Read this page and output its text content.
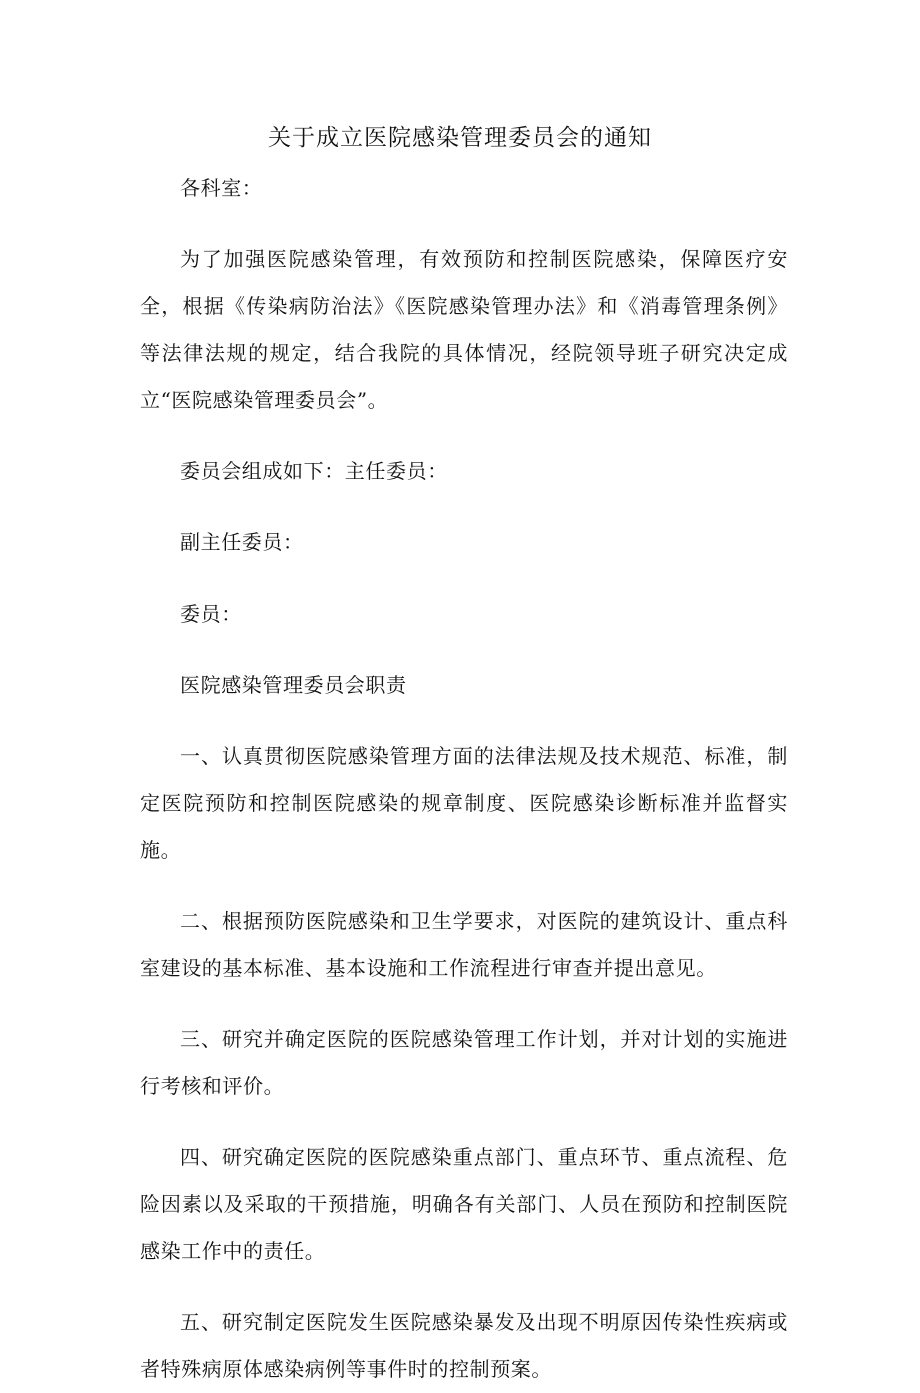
关于成立医院感染管理委员会的通知

各科室：

为了加强医院感染管理，有效预防和控制医院感染，保障医疗安全，根据《传染病防治法》《医院感染管理办法》和《消毒管理条例》等法律法规的规定，结合我院的具体情况，经院领导班子研究决定成立“医院感染管理委员会”。

委员会组成如下：主任委员：

副主任委员：

委员：

医院感染管理委员会职责

一、认真贯彻医院感染管理方面的法律法规及技术规范、标准，制定医院预防和控制医院感染的规章制度、医院感染诊断标准并监督实施。

二、根据预防医院感染和卫生学要求，对医院的建筑设计、重点科室建设的基本标准、基本设施和工作流程进行审查并提出意见。

三、研究并确定医院的医院感染管理工作计划，并对计划的实施进行考核和评价。

四、研究确定医院的医院感染重点部门、重点环节、重点流程、危险因素以及采取的干预措施，明确各有关部门、人员在预防和控制医院感染工作中的责任。

五、研究制定医院发生医院感染暴发及出现不明原因传染性疾病或者特殊病原体感染病例等事件时的控制预案。
